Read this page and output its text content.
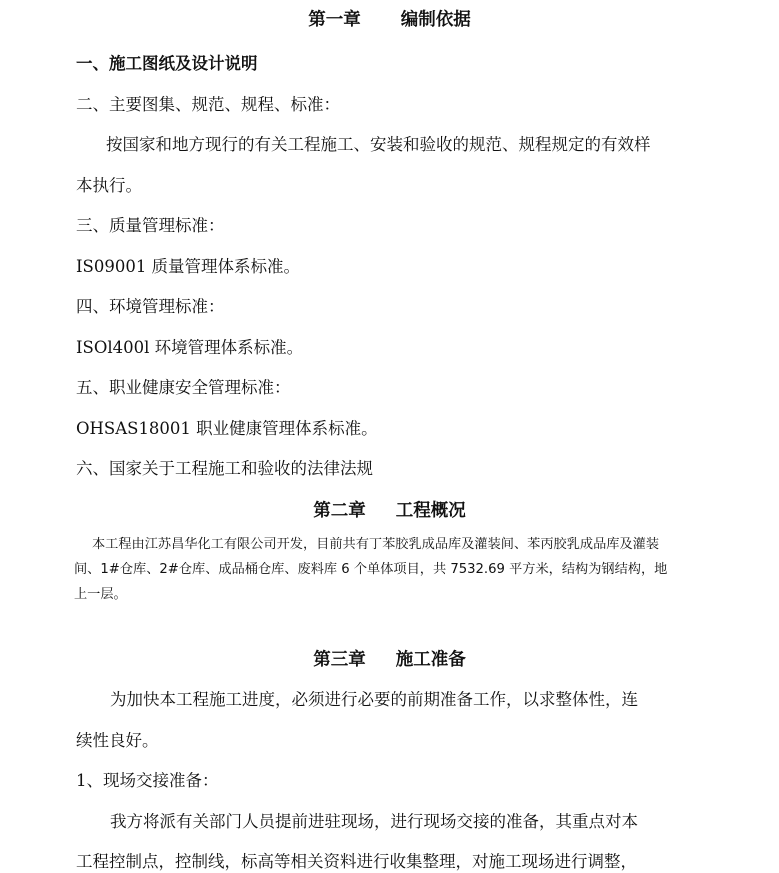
第一章 编制依据

一、施工图纸及设计说明

二、主要图集、规范、规程、标准：

按国家和地方现行的有关工程施工、安装和验收的规范、规程规定的有效样

本执行。

三、质量管理标准：

IS09001 质量管理体系标准。

四、环境管理标准：

ISOl400l 环境管理体系标准。

五、职业健康安全管理标准：

OHSAS18001 职业健康管理体系标准。

六、国家关于工程施工和验收的法律法规

第二章 工程概况

本工程由江苏昌华化工有限公司开发，目前共有丁苯胶乳成品库及灌装间、苯丙胶乳成品库及灌装

间、1#仓库、2#仓库、成品桶仓库、废料库 6 个单体项目，共 7532.69 平方米，结构为钢结构，地

上一层。

第三章 施工准备

为加快本工程施工进度，必须进行必要的前期准备工作，以求整体性，连

续性良好。

1、现场交接准备：

我方将派有关部门人员提前进驻现场，进行现场交接的准备，其重点对本

工程控制点，控制线，标高等相关资料进行收集整理，对施工现场进行调整，
